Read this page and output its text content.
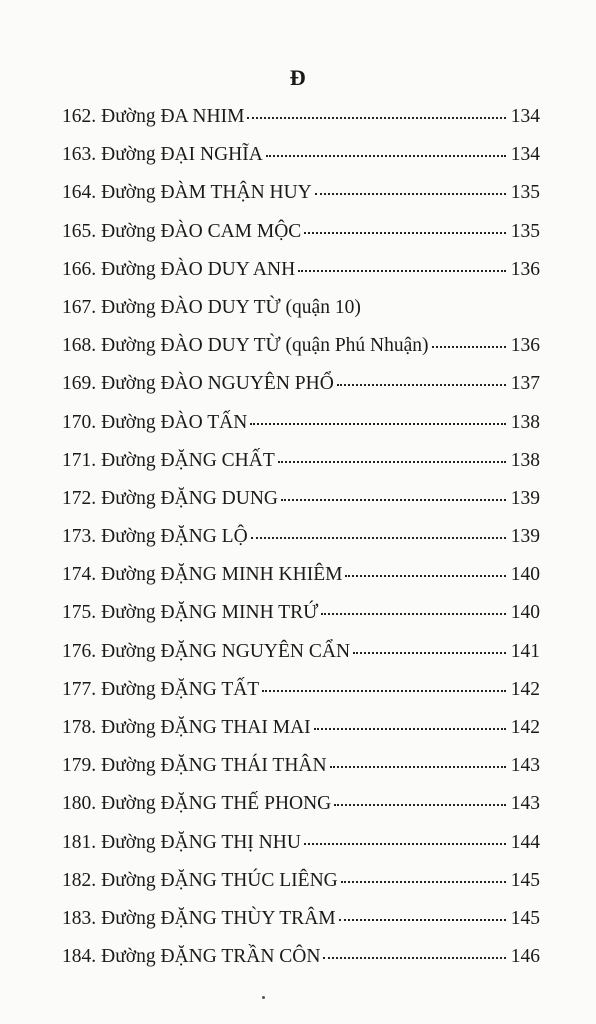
Đ
162. Đường ĐA NHIM	134
163. Đường ĐẠI NGHĨA	134
164. Đường ĐÀM THẬN HUY	135
165. Đường ĐÀO CAM MỘC	135
166. Đường ĐÀO DUY ANH	136
167. Đường ĐÀO DUY TỪ (quận 10)
168. Đường ĐÀO DUY TỪ (quận Phú Nhuận)	136
169. Đường ĐÀO NGUYÊN PHỔ	137
170. Đường ĐÀO TẤN	138
171. Đường ĐẶNG CHẤT	138
172. Đường ĐẶNG DUNG	139
173. Đường ĐẶNG LỘ	139
174. Đường ĐẶNG MINH KHIÊM	140
175. Đường ĐẶNG MINH TRỨ	140
176. Đường ĐẶNG NGUYÊN CẨN	141
177. Đường ĐẶNG TẤT	142
178. Đường ĐẶNG THAI MAI	142
179. Đường ĐẶNG THÁI THÂN	143
180. Đường ĐẶNG THẾ PHONG	143
181. Đường ĐẶNG THỊ NHU	144
182. Đường ĐẶNG THÚC LIÊNG	145
183. Đường ĐẶNG THÙY TRÂM	145
184. Đường ĐẶNG TRẦN CÔN	146
